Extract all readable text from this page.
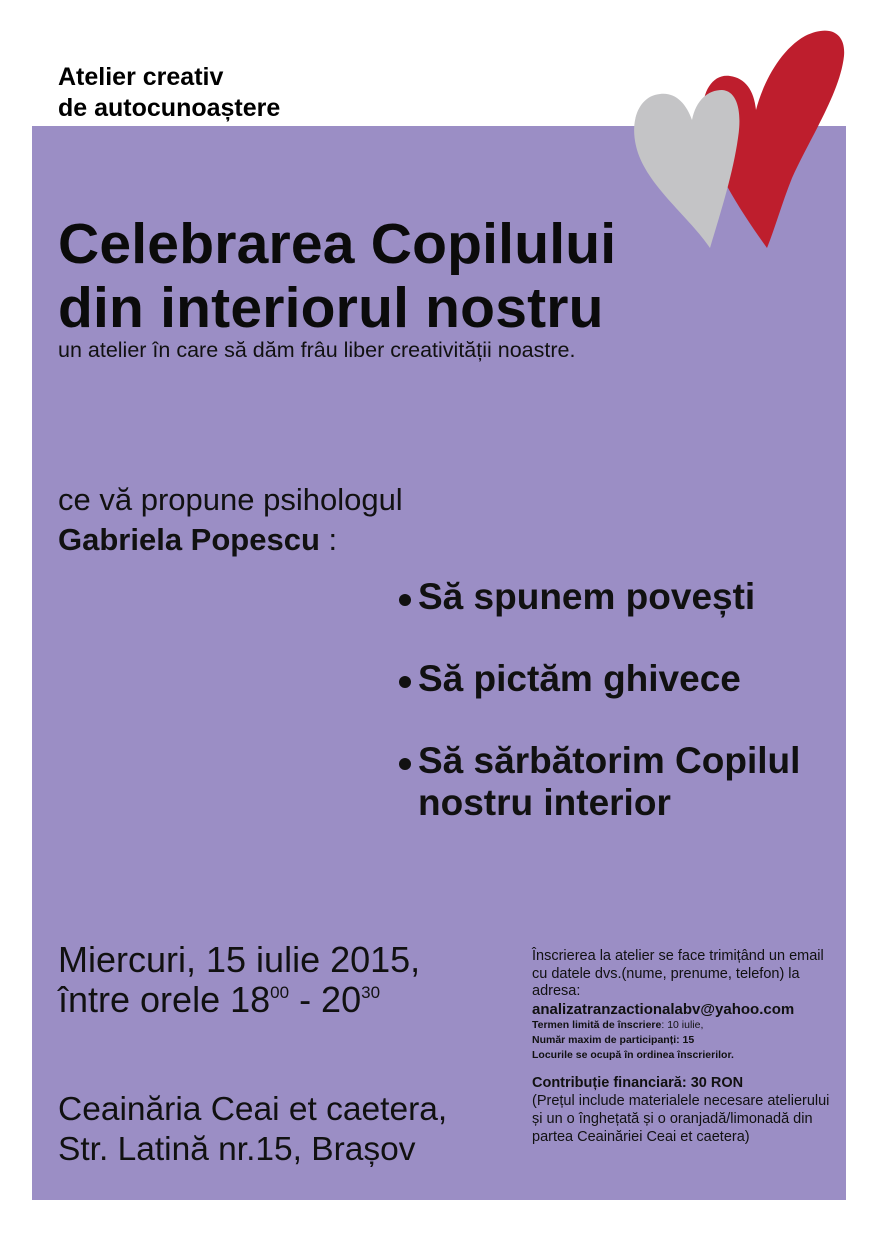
Atelier creativ
de autocunoaștere
Celebrarea Copilului
din interiorul nostru
un atelier în care să dăm frâu liber creativității noastre.
ce vă propune psihologul
Gabriela Popescu :
Să spunem povești
Să pictăm ghivece
Să sărbătorim Copilul
nostru interior
Miercuri, 15 iulie 2015,
între orele $18^{00} - 20^{30}$
Ceainăria Ceai et caetera,
Str. Latină nr.15, Brașov
Înscrierea la atelier se face trimițând un email cu datele dvs.(nume, prenume, telefon) la adresa:
analizatranzactionalabv@yahoo.com
Termen limită de înscriere: 10 iulie,
Număr maxim de participanți: 15
Locurile se ocupă în ordinea înscrierilor.
Contribuție financiară: 30 RON
(Prețul include materialele necesare atelierului și un o înghețată și o oranjadă/limonadă din partea Ceainăriei Ceai et caetera)
